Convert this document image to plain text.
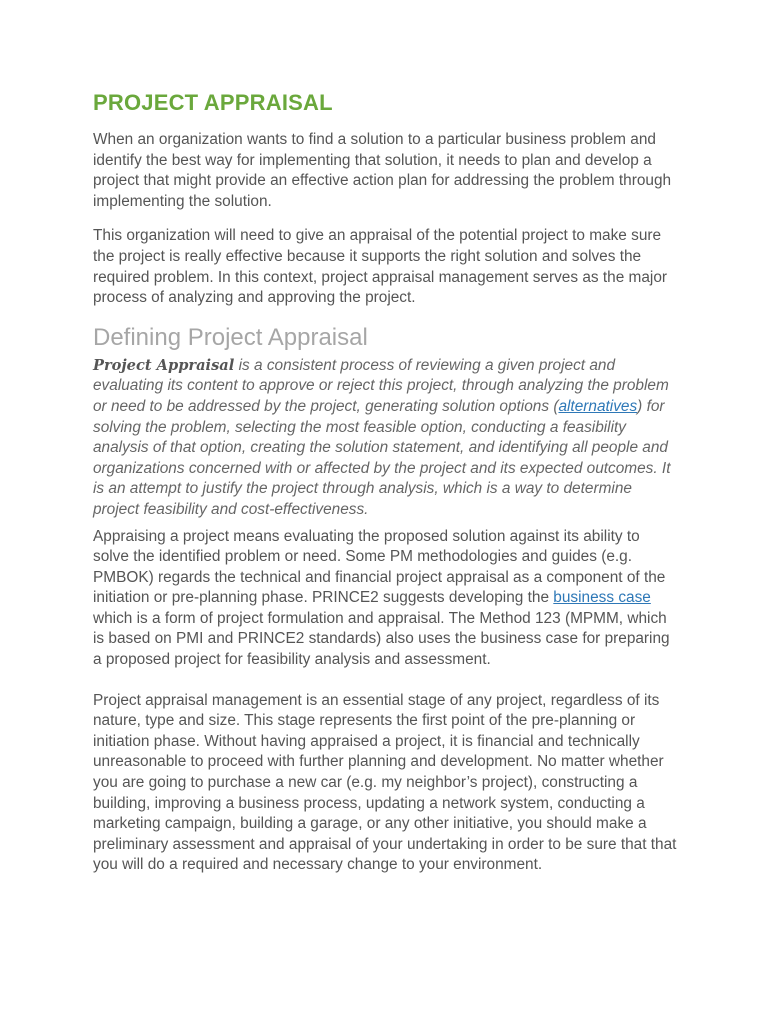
PROJECT APPRAISAL

When an organization wants to find a solution to a particular business problem and identify the best way for implementing that solution, it needs to plan and develop a project that might provide an effective action plan for addressing the problem through implementing the solution.

This organization will need to give an appraisal of the potential project to make sure the project is really effective because it supports the right solution and solves the required problem. In this context, project appraisal management serves as the major process of analyzing and approving the project.

Defining Project Appraisal

Project Appraisal is a consistent process of reviewing a given project and evaluating its content to approve or reject this project, through analyzing the problem or need to be addressed by the project, generating solution options (alternatives) for solving the problem, selecting the most feasible option, conducting a feasibility analysis of that option, creating the solution statement, and identifying all people and organizations concerned with or affected by the project and its expected outcomes. It is an attempt to justify the project through analysis, which is a way to determine project feasibility and cost-effectiveness.

Appraising a project means evaluating the proposed solution against its ability to solve the identified problem or need. Some PM methodologies and guides (e.g. PMBOK) regards the technical and financial project appraisal as a component of the initiation or pre-planning phase. PRINCE2 suggests developing the business case which is a form of project formulation and appraisal. The Method 123 (MPMM, which is based on PMI and PRINCE2 standards) also uses the business case for preparing a proposed project for feasibility analysis and assessment.

Project appraisal management is an essential stage of any project, regardless of its nature, type and size. This stage represents the first point of the pre-planning or initiation phase. Without having appraised a project, it is financial and technically unreasonable to proceed with further planning and development. No matter whether you are going to purchase a new car (e.g. my neighbor’s project), constructing a building, improving a business process, updating a network system, conducting a marketing campaign, building a garage, or any other initiative, you should make a preliminary assessment and appraisal of your undertaking in order to be sure that that you will do a required and necessary change to your environment.
